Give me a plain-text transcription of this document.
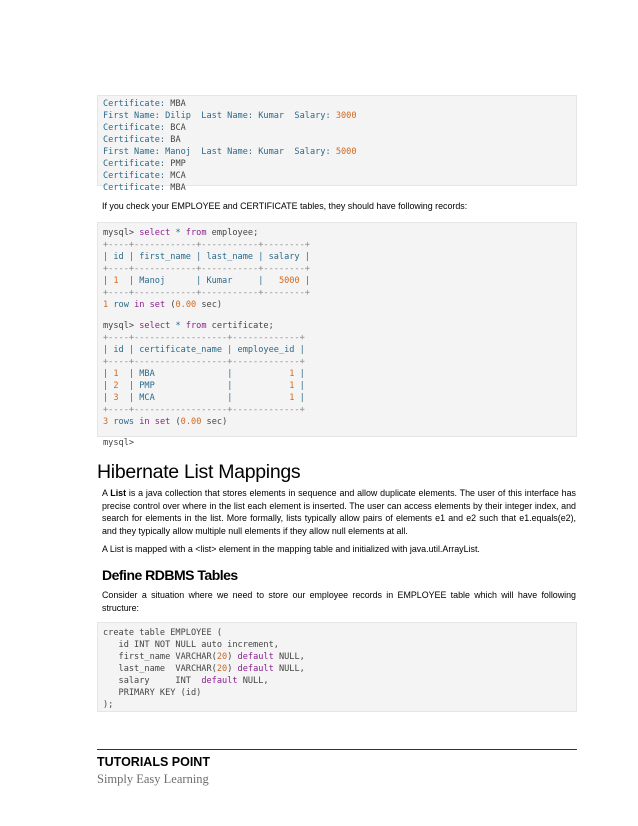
Certificate: MBA
First Name: Dilip  Last Name: Kumar  Salary: 3000
Certificate: BCA
Certificate: BA
First Name: Manoj  Last Name: Kumar  Salary: 5000
Certificate: PMP
Certificate: MCA
Certificate: MBA
If you check your EMPLOYEE and CERTIFICATE tables, they should have following records:
mysql> select * from employee;
+----+------------+-----------+--------+
| id | first_name | last_name | salary |
+----+------------+-----------+--------+
| 1  | Manoj      | Kumar     |   5000 |
+----+------------+-----------+--------+
1 row in set (0.00 sec)
mysql> select * from certificate;
+----+------------------+-------------+
| id | certificate_name | employee_id |
+----+------------------+-------------+
| 1  | MBA              |           1 |
| 2  | PMP              |           1 |
| 3  | MCA              |           1 |
+----+------------------+-------------+
3 rows in set (0.00 sec)
mysql>
Hibernate List Mappings
A List is a java collection that stores elements in sequence and allow duplicate elements. The user of this interface has precise control over where in the list each element is inserted. The user can access elements by their integer index, and search for elements in the list. More formally, lists typically allow pairs of elements e1 and e2 such that e1.equals(e2), and they typically allow multiple null elements if they allow null elements at all.
A List is mapped with a <list> element in the mapping table and initialized with java.util.ArrayList.
Define RDBMS Tables
Consider a situation where we need to store our employee records in EMPLOYEE table which will have following structure:
create table EMPLOYEE (
id INT NOT NULL auto increment,
first_name VARCHAR(20) default NULL,
last_name  VARCHAR(20) default NULL,
salary     INT  default NULL,
PRIMARY KEY (id)
);
TUTORIALS POINT
Simply Easy Learning
